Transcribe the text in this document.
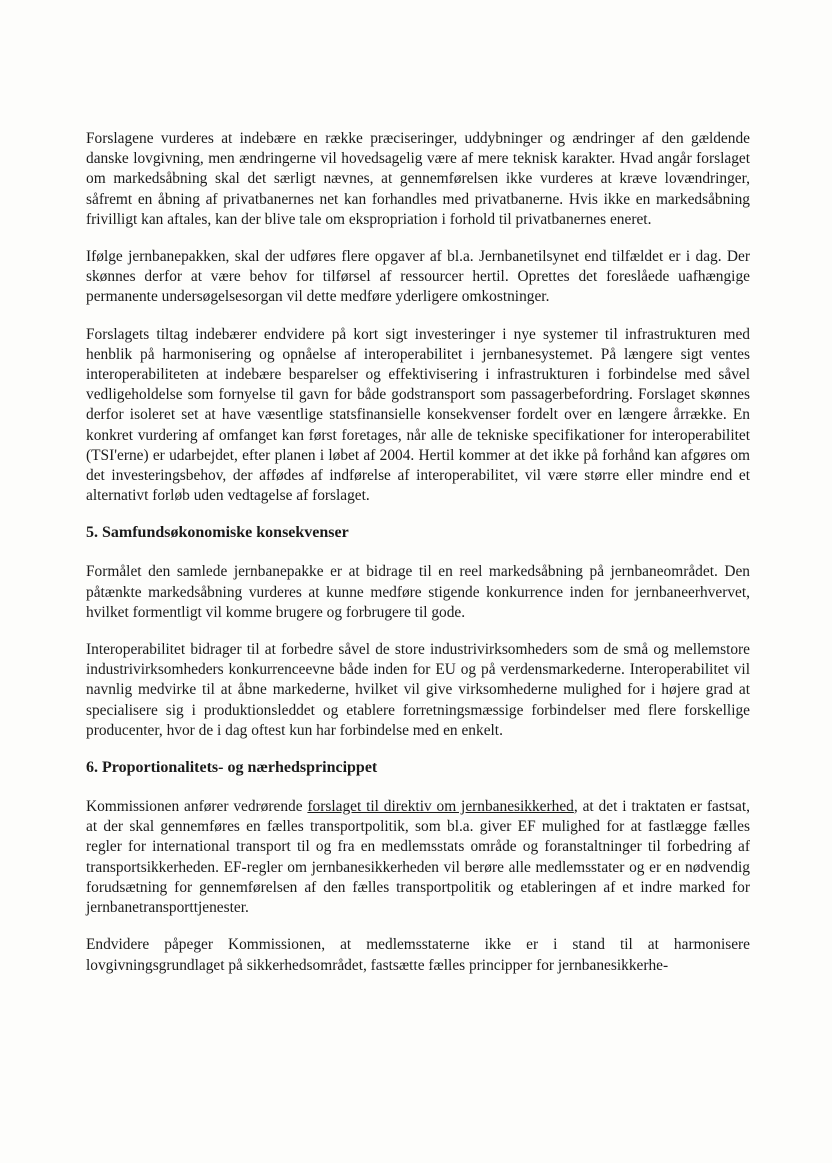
Forslagene vurderes at indebære en række præciseringer, uddybninger og ændringer af den gældende danske lovgivning, men ændringerne vil hovedsagelig være af mere teknisk karakter. Hvad angår forslaget om markedsåbning skal det særligt nævnes, at gennemførelsen ikke vurderes at kræve lovændringer, såfremt en åbning af privatbanernes net kan forhandles med privatbanerne. Hvis ikke en markedsåbning frivilligt kan aftales, kan der blive tale om ekspropriation i forhold til privatbanernes eneret.

Ifølge jernbanepakken, skal der udføres flere opgaver af bl.a. Jernbanetilsynet end tilfældet er i dag. Der skønnes derfor at være behov for tilførsel af ressourcer hertil. Oprettes det foreslåede uafhængige permanente undersøgelsesorgan vil dette medføre yderligere omkostninger.

Forslagets tiltag indebærer endvidere på kort sigt investeringer i nye systemer til infrastrukturen med henblik på harmonisering og opnåelse af interoperabilitet i jernbanesystemet. På længere sigt ventes interoperabiliteten at indebære besparelser og effektivisering i infrastrukturen i forbindelse med såvel vedligeholdelse som fornyelse til gavn for både godstransport som passagerbefordring. Forslaget skønnes derfor isoleret set at have væsentlige statsfinansielle konsekvenser fordelt over en længere årrække. En konkret vurdering af omfanget kan først foretages, når alle de tekniske specifikationer for interoperabilitet (TSI'erne) er udarbejdet, efter planen i løbet af 2004. Hertil kommer at det ikke på forhånd kan afgøres om det investeringsbehov, der affødes af indførelse af interoperabilitet, vil være større eller mindre end et alternativt forløb uden vedtagelse af forslaget.

5. Samfundsøkonomiske konsekvenser

Formålet den samlede jernbanepakke er at bidrage til en reel markedsåbning på jernbaneområdet. Den påtænkte markedsåbning vurderes at kunne medføre stigende konkurrence inden for jernbaneerhvervet, hvilket formentligt vil komme brugere og forbrugere til gode.

Interoperabilitet bidrager til at forbedre såvel de store industrivirksomheders som de små og mellemstore industrivirksomheders konkurrenceevne både inden for EU og på verdensmarkederne. Interoperabilitet vil navnlig medvirke til at åbne markederne, hvilket vil give virksomhederne mulighed for i højere grad at specialisere sig i produktionsleddet og etablere forretningsmæssige forbindelser med flere forskellige producenter, hvor de i dag oftest kun har forbindelse med en enkelt.

6. Proportionalitets- og nærhedsprincippet

Kommissionen anfører vedrørende forslaget til direktiv om jernbanesikkerhed, at det i traktaten er fastsat, at der skal gennemføres en fælles transportpolitik, som bl.a. giver EF mulighed for at fastlægge fælles regler for international transport til og fra en medlemsstats område og foranstaltninger til forbedring af transportsikkerheden. EF-regler om jernbanesikkerheden vil berøre alle medlemsstater og er en nødvendig forudsætning for gennemførelsen af den fælles transportpolitik og etableringen af et indre marked for jernbanetransporttjenester.

Endvidere påpeger Kommissionen, at medlemsstaterne ikke er i stand til at harmonisere lovgivningsgrundlaget på sikkerhedsområdet, fastsætte fælles principper for jernbanesikkerhe-
